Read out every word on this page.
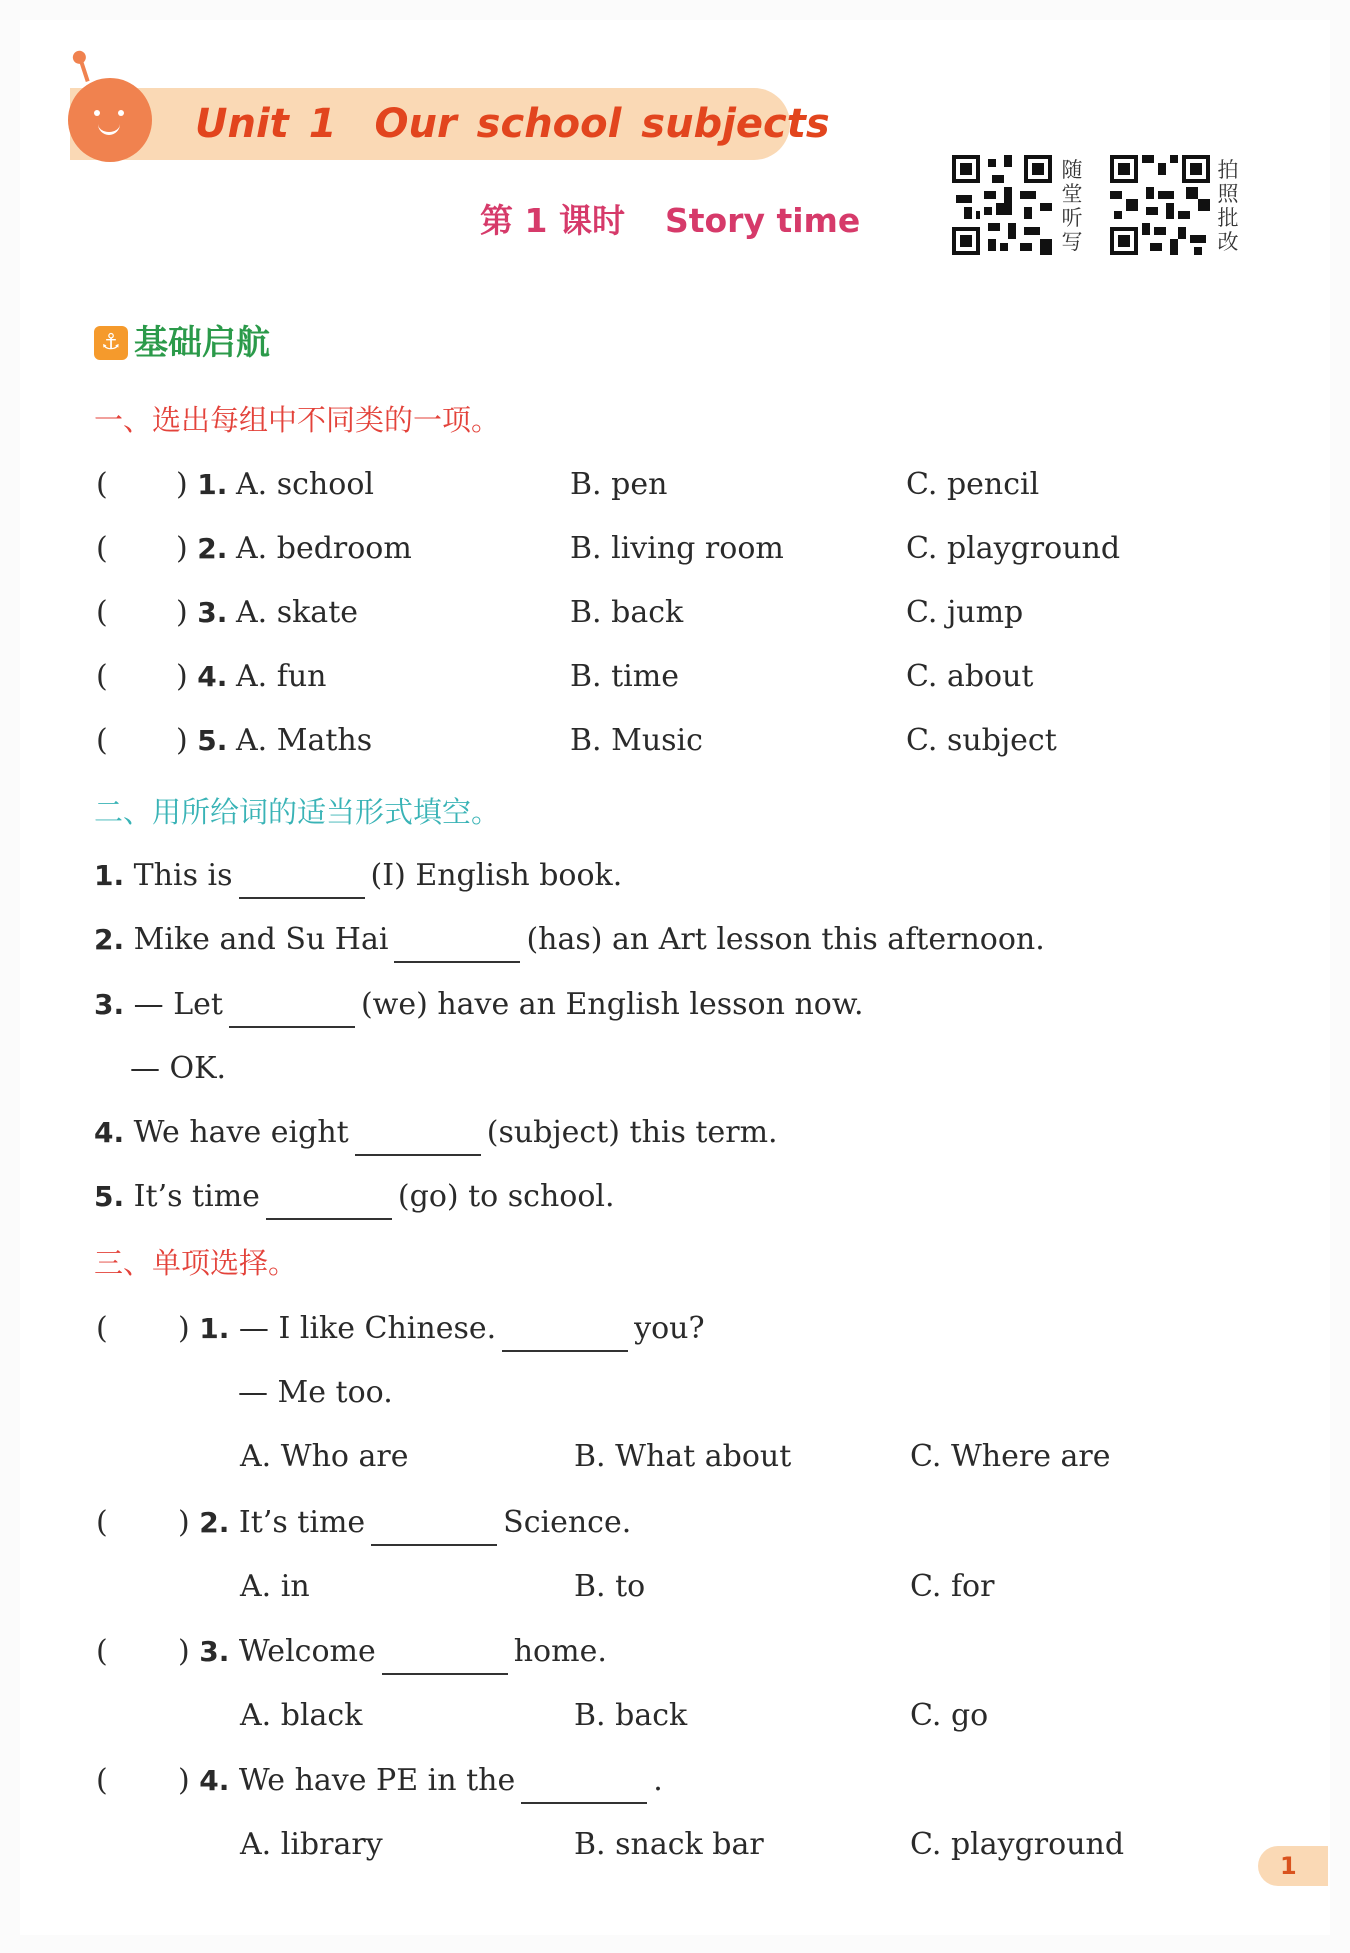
Unit 1 Our school subjects
第 1 课时 Story time
随
堂
听
写
拍
照
批
改
⚓
基础启航
一、选出每组中不同类的一项。
( ) 1. A. school	B. pen	C. pencil
( ) 2. A. bedroom	B. living room	C. playground
( ) 3. A. skate	B. back	C. jump
( ) 4. A. fun	B. time	C. about
( ) 5. A. Maths	B. Music	C. subject
二、用所给词的适当形式填空。
1. This is	(I) English book.
2. Mike and Su Hai	(has) an Art lesson this afternoon.
3. — Let	(we) have an English lesson now.
— OK.
4. We have eight	(subject) this term.
5. It’s time	(go) to school.
三、单项选择。
( ) 1. — I like Chinese.	you?
— Me too.
A. Who are	B. What about	C. Where are
( ) 2. It’s time	Science.
A. in	B. to	C. for
( ) 3. Welcome	home.
A. black	B. back	C. go
( ) 4. We have PE in the	.
A. library	B. snack bar	C. playground
1
